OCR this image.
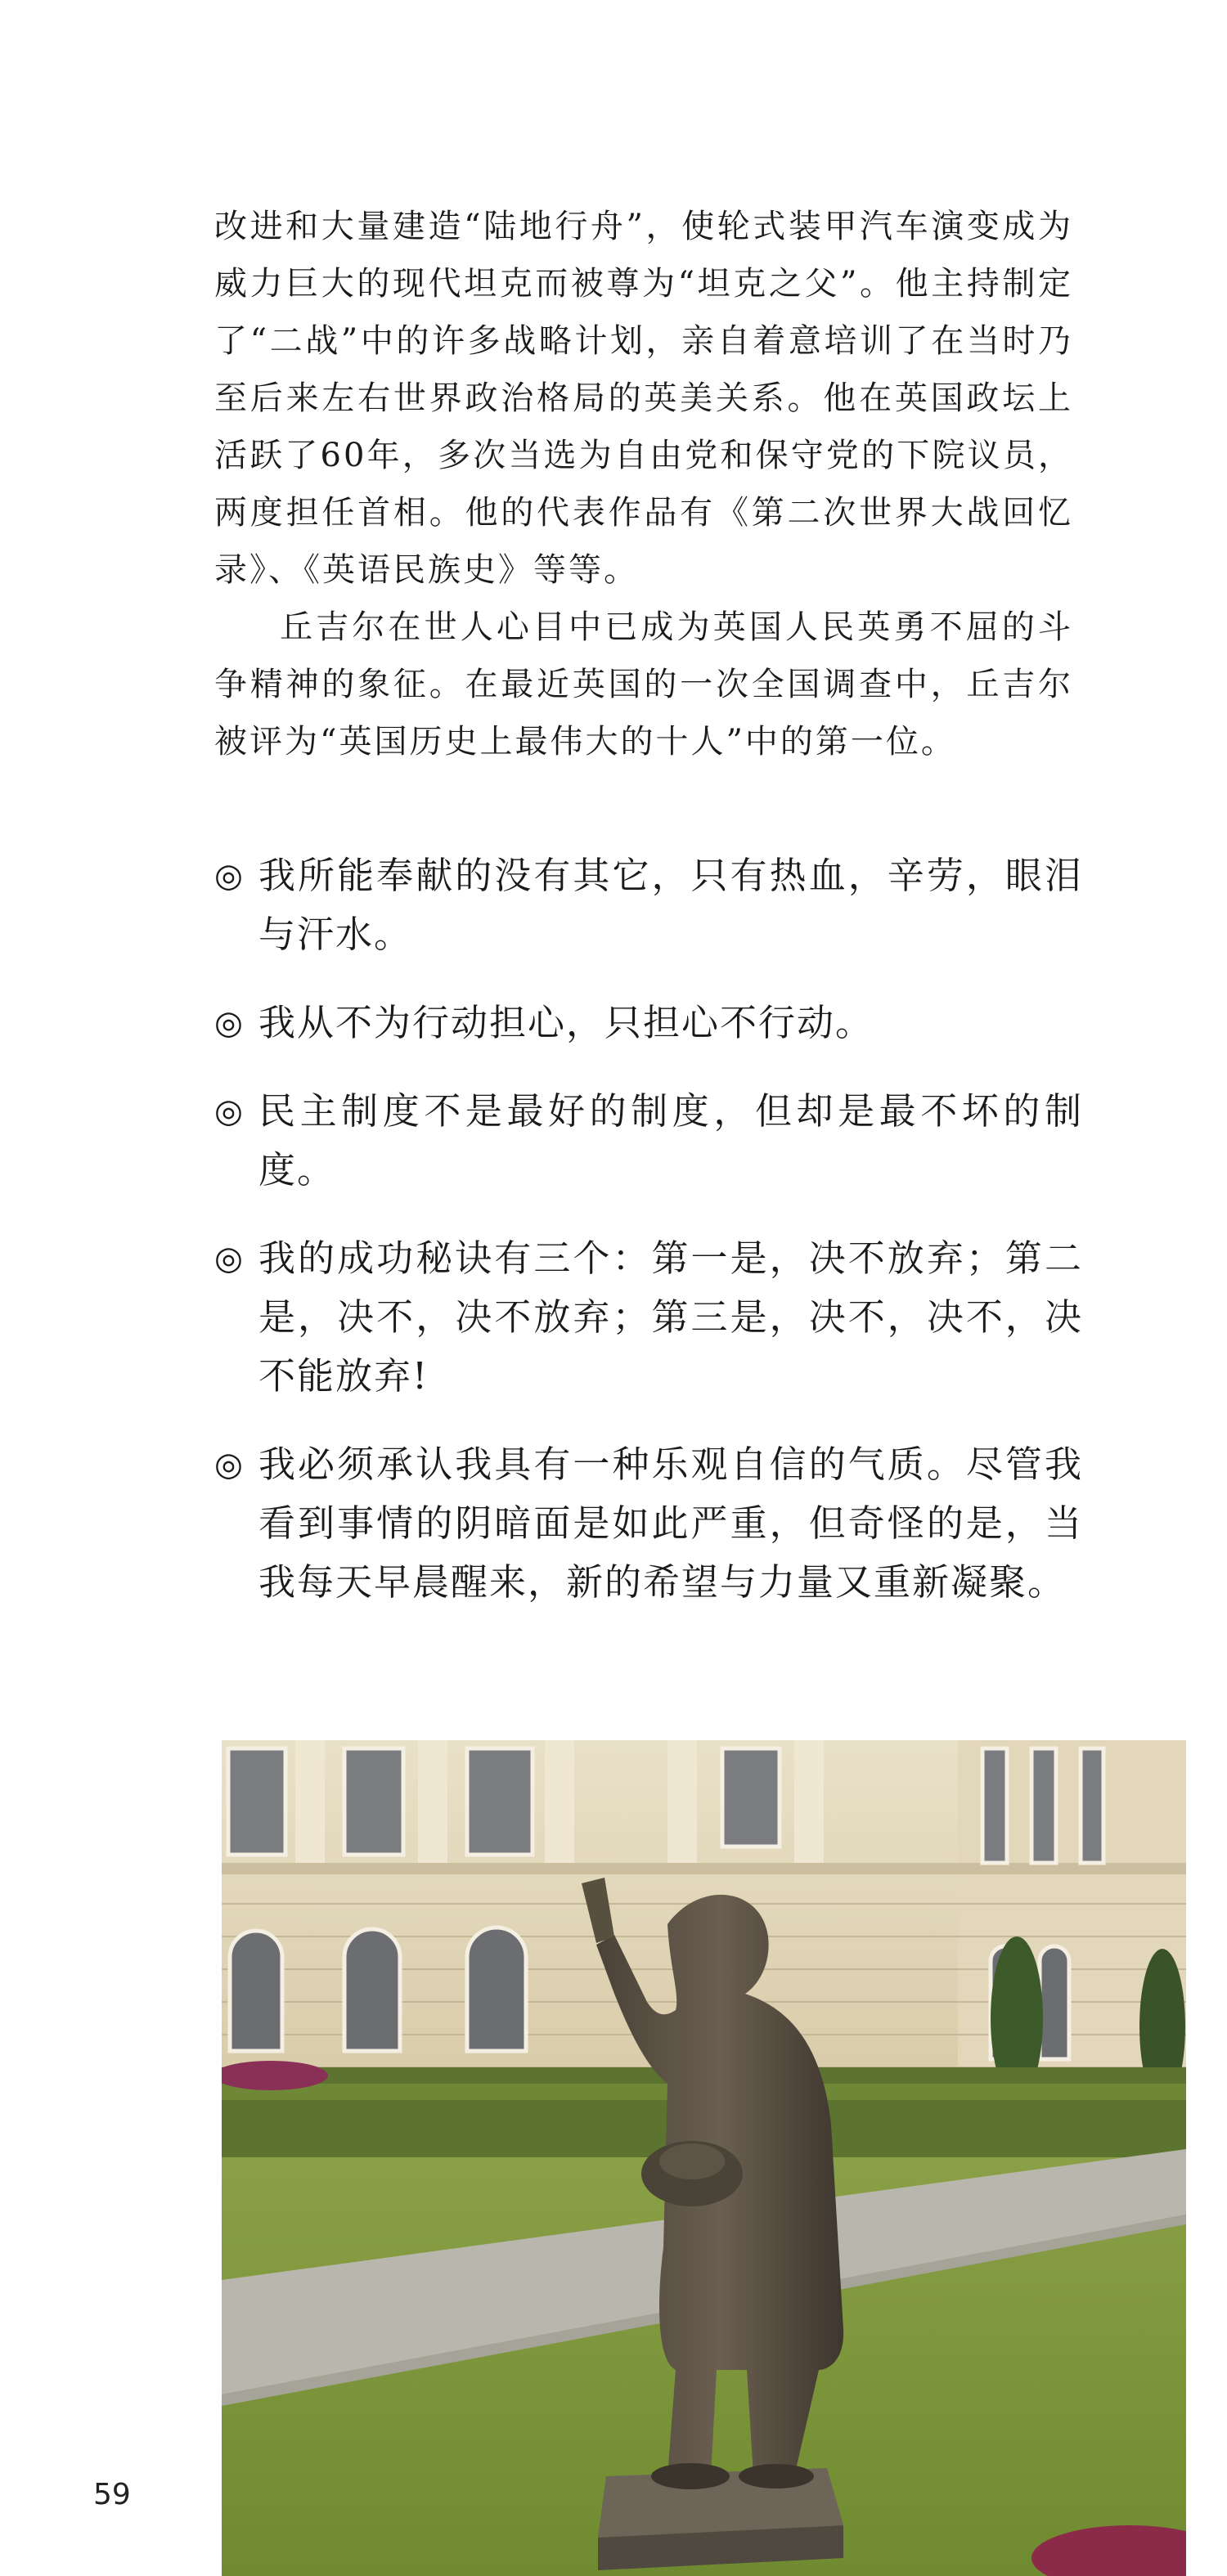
改进和大量建造“陆地行舟”，使轮式装甲汽车演变成为威力巨大的现代坦克而被尊为“坦克之父”。他主持制定了“二战”中的许多战略计划，亲自着意培训了在当时乃至后来左右世界政治格局的英美关系。他在英国政坛上活跃了60年，多次当选为自由党和保守党的下院议员，两度担任首相。他的代表作品有《第二次世界大战回忆录》、《英语民族史》等等。

丘吉尔在世人心目中已成为英国人民英勇不屈的斗争精神的象征。在最近英国的一次全国调查中，丘吉尔被评为“英国历史上最伟大的十人”中的第一位。

◎ 我所能奉献的没有其它，只有热血，辛劳，眼泪与汗水。
◎ 我从不为行动担心，只担心不行动。
◎ 民主制度不是最好的制度，但却是最不坏的制度。
◎ 我的成功秘诀有三个：第一是，决不放弃；第二是，决不，决不放弃；第三是，决不，决不，决不能放弃!
◎ 我必须承认我具有一种乐观自信的气质。尽管我看到事情的阴暗面是如此严重，但奇怪的是，当我每天早晨醒来，新的希望与力量又重新凝聚。
59
